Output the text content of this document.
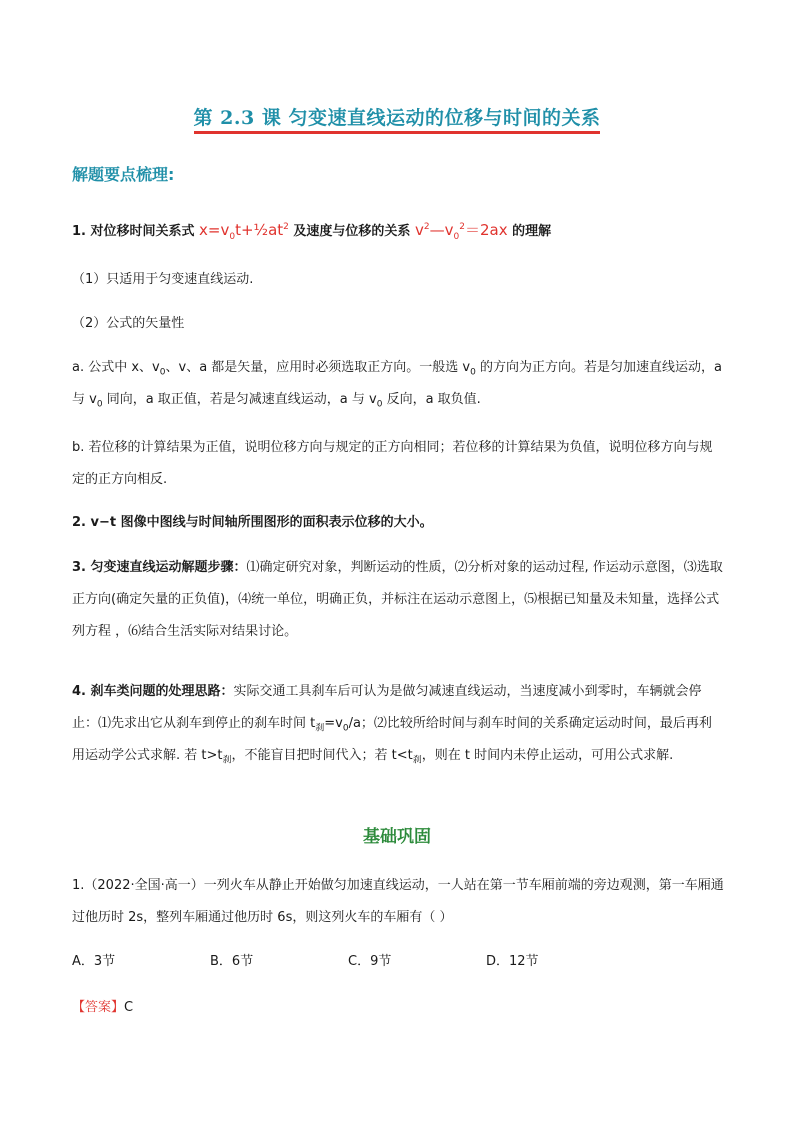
第 2.3 课 匀变速直线运动的位移与时间的关系
解题要点梳理:
1. 对位移时间关系式 $x=v_0t+\frac{1}{2}at^2$ 及速度与位移的关系 $v^2—v_0^2=2ax$ 的理解
（1）只适用于匀变速直线运动.
（2）公式的矢量性
a. 公式中 x、$v_0$、v、a 都是矢量，应用时必须选取正方向。一般选 $v_0$ 的方向为正方向。若是匀加速直线运动，a 与 $v_0$ 同向，a 取正值，若是匀减速直线运动，a 与 $v_0$ 反向，a 取负值.
b. 若位移的计算结果为正值，说明位移方向与规定的正方向相同；若位移的计算结果为负值，说明位移方向与规定的正方向相反.
2. v−t 图像中图线与时间轴所围图形的面积表示位移的大小。
3. 匀变速直线运动解题步骤：⑴确定研究对象，判断运动的性质，⑵分析对象的运动过程, 作运动示意图，⑶选取正方向(确定矢量的正负值)，⑷统一单位，明确正负，并标注在运动示意图上，⑸根据已知量及未知量，选择公式列方程 ，⑹结合生活实际对结果讨论。
4. 刹车类问题的处理思路：实际交通工具刹车后可认为是做匀减速直线运动，当速度减小到零时，车辆就会停止：⑴先求出它从刹车到停止的刹车时间 $t_刹=v_0/a$；⑵比较所给时间与刹车时间的关系确定运动时间，最后再利用运动学公式求解. 若 $t>t_刹$，不能盲目把时间代入；若 $t<t_刹$，则在 t 时间内未停止运动，可用公式求解.
基础巩固
1.（2022·全国·高一）一列火车从静止开始做匀加速直线运动，一人站在第一节车厢前端的旁边观测，第一车厢通过他历时 2s，整列车厢通过他历时 6s，则这列火车的车厢有（ ）
A．3节	B．6节	C．9节	D．12节
【答案】C
